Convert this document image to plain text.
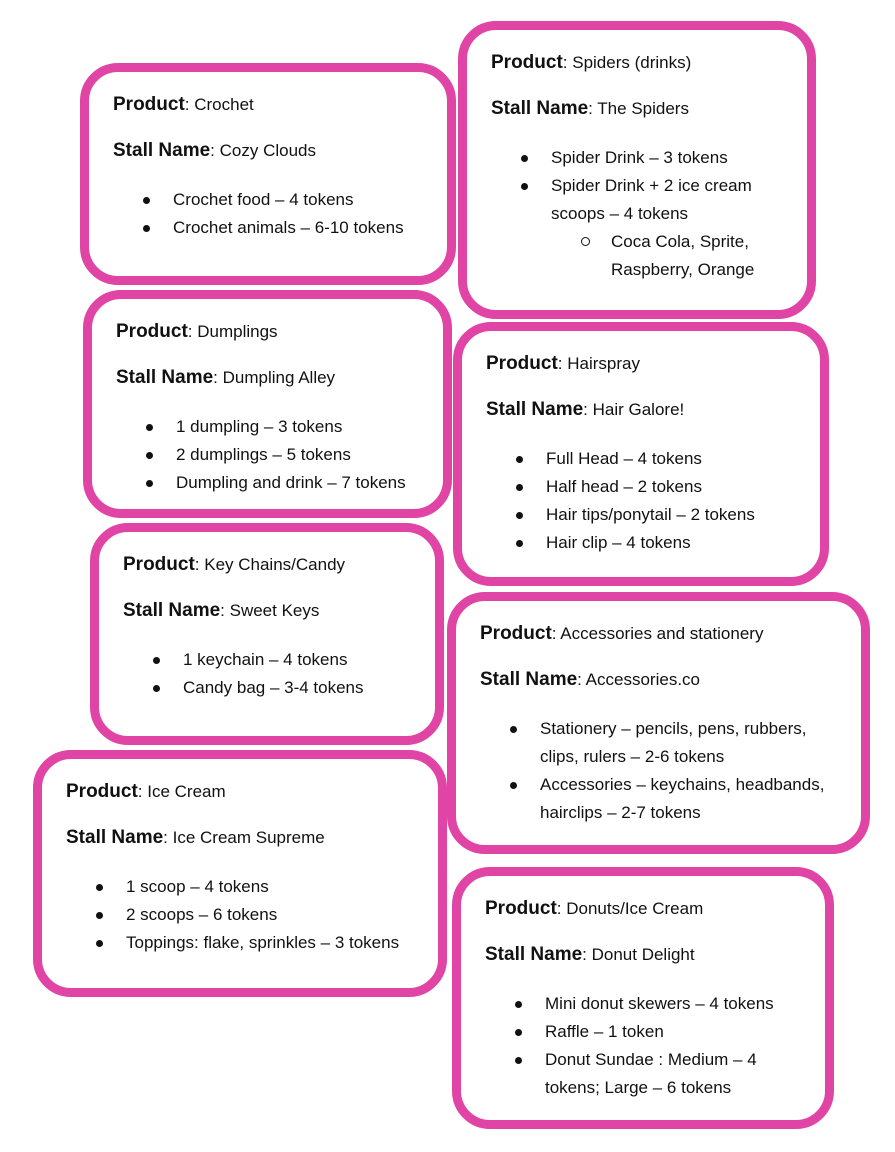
Product: Crochet
Stall Name: Cozy Clouds
Crochet food – 4 tokens
Crochet animals – 6-10 tokens
Product: Spiders (drinks)
Stall Name: The Spiders
Spider Drink – 3 tokens
Spider Drink + 2 ice cream scoops – 4 tokens
Coca Cola, Sprite, Raspberry, Orange
Product: Dumplings
Stall Name: Dumpling Alley
1 dumpling – 3 tokens
2 dumplings – 5 tokens
Dumpling and drink – 7 tokens
Product: Hairspray
Stall Name: Hair Galore!
Full Head – 4 tokens
Half head – 2 tokens
Hair tips/ponytail – 2 tokens
Hair clip – 4 tokens
Product: Key Chains/Candy
Stall Name: Sweet Keys
1 keychain – 4 tokens
Candy bag – 3-4 tokens
Product: Accessories and stationery
Stall Name: Accessories.co
Stationery – pencils, pens, rubbers, clips, rulers – 2-6 tokens
Accessories – keychains, headbands, hairclips – 2-7 tokens
Product: Ice Cream
Stall Name: Ice Cream Supreme
1 scoop – 4 tokens
2 scoops – 6 tokens
Toppings: flake, sprinkles – 3 tokens
Product: Donuts/Ice Cream
Stall Name: Donut Delight
Mini donut skewers – 4 tokens
Raffle – 1 token
Donut Sundae : Medium – 4 tokens; Large – 6 tokens
